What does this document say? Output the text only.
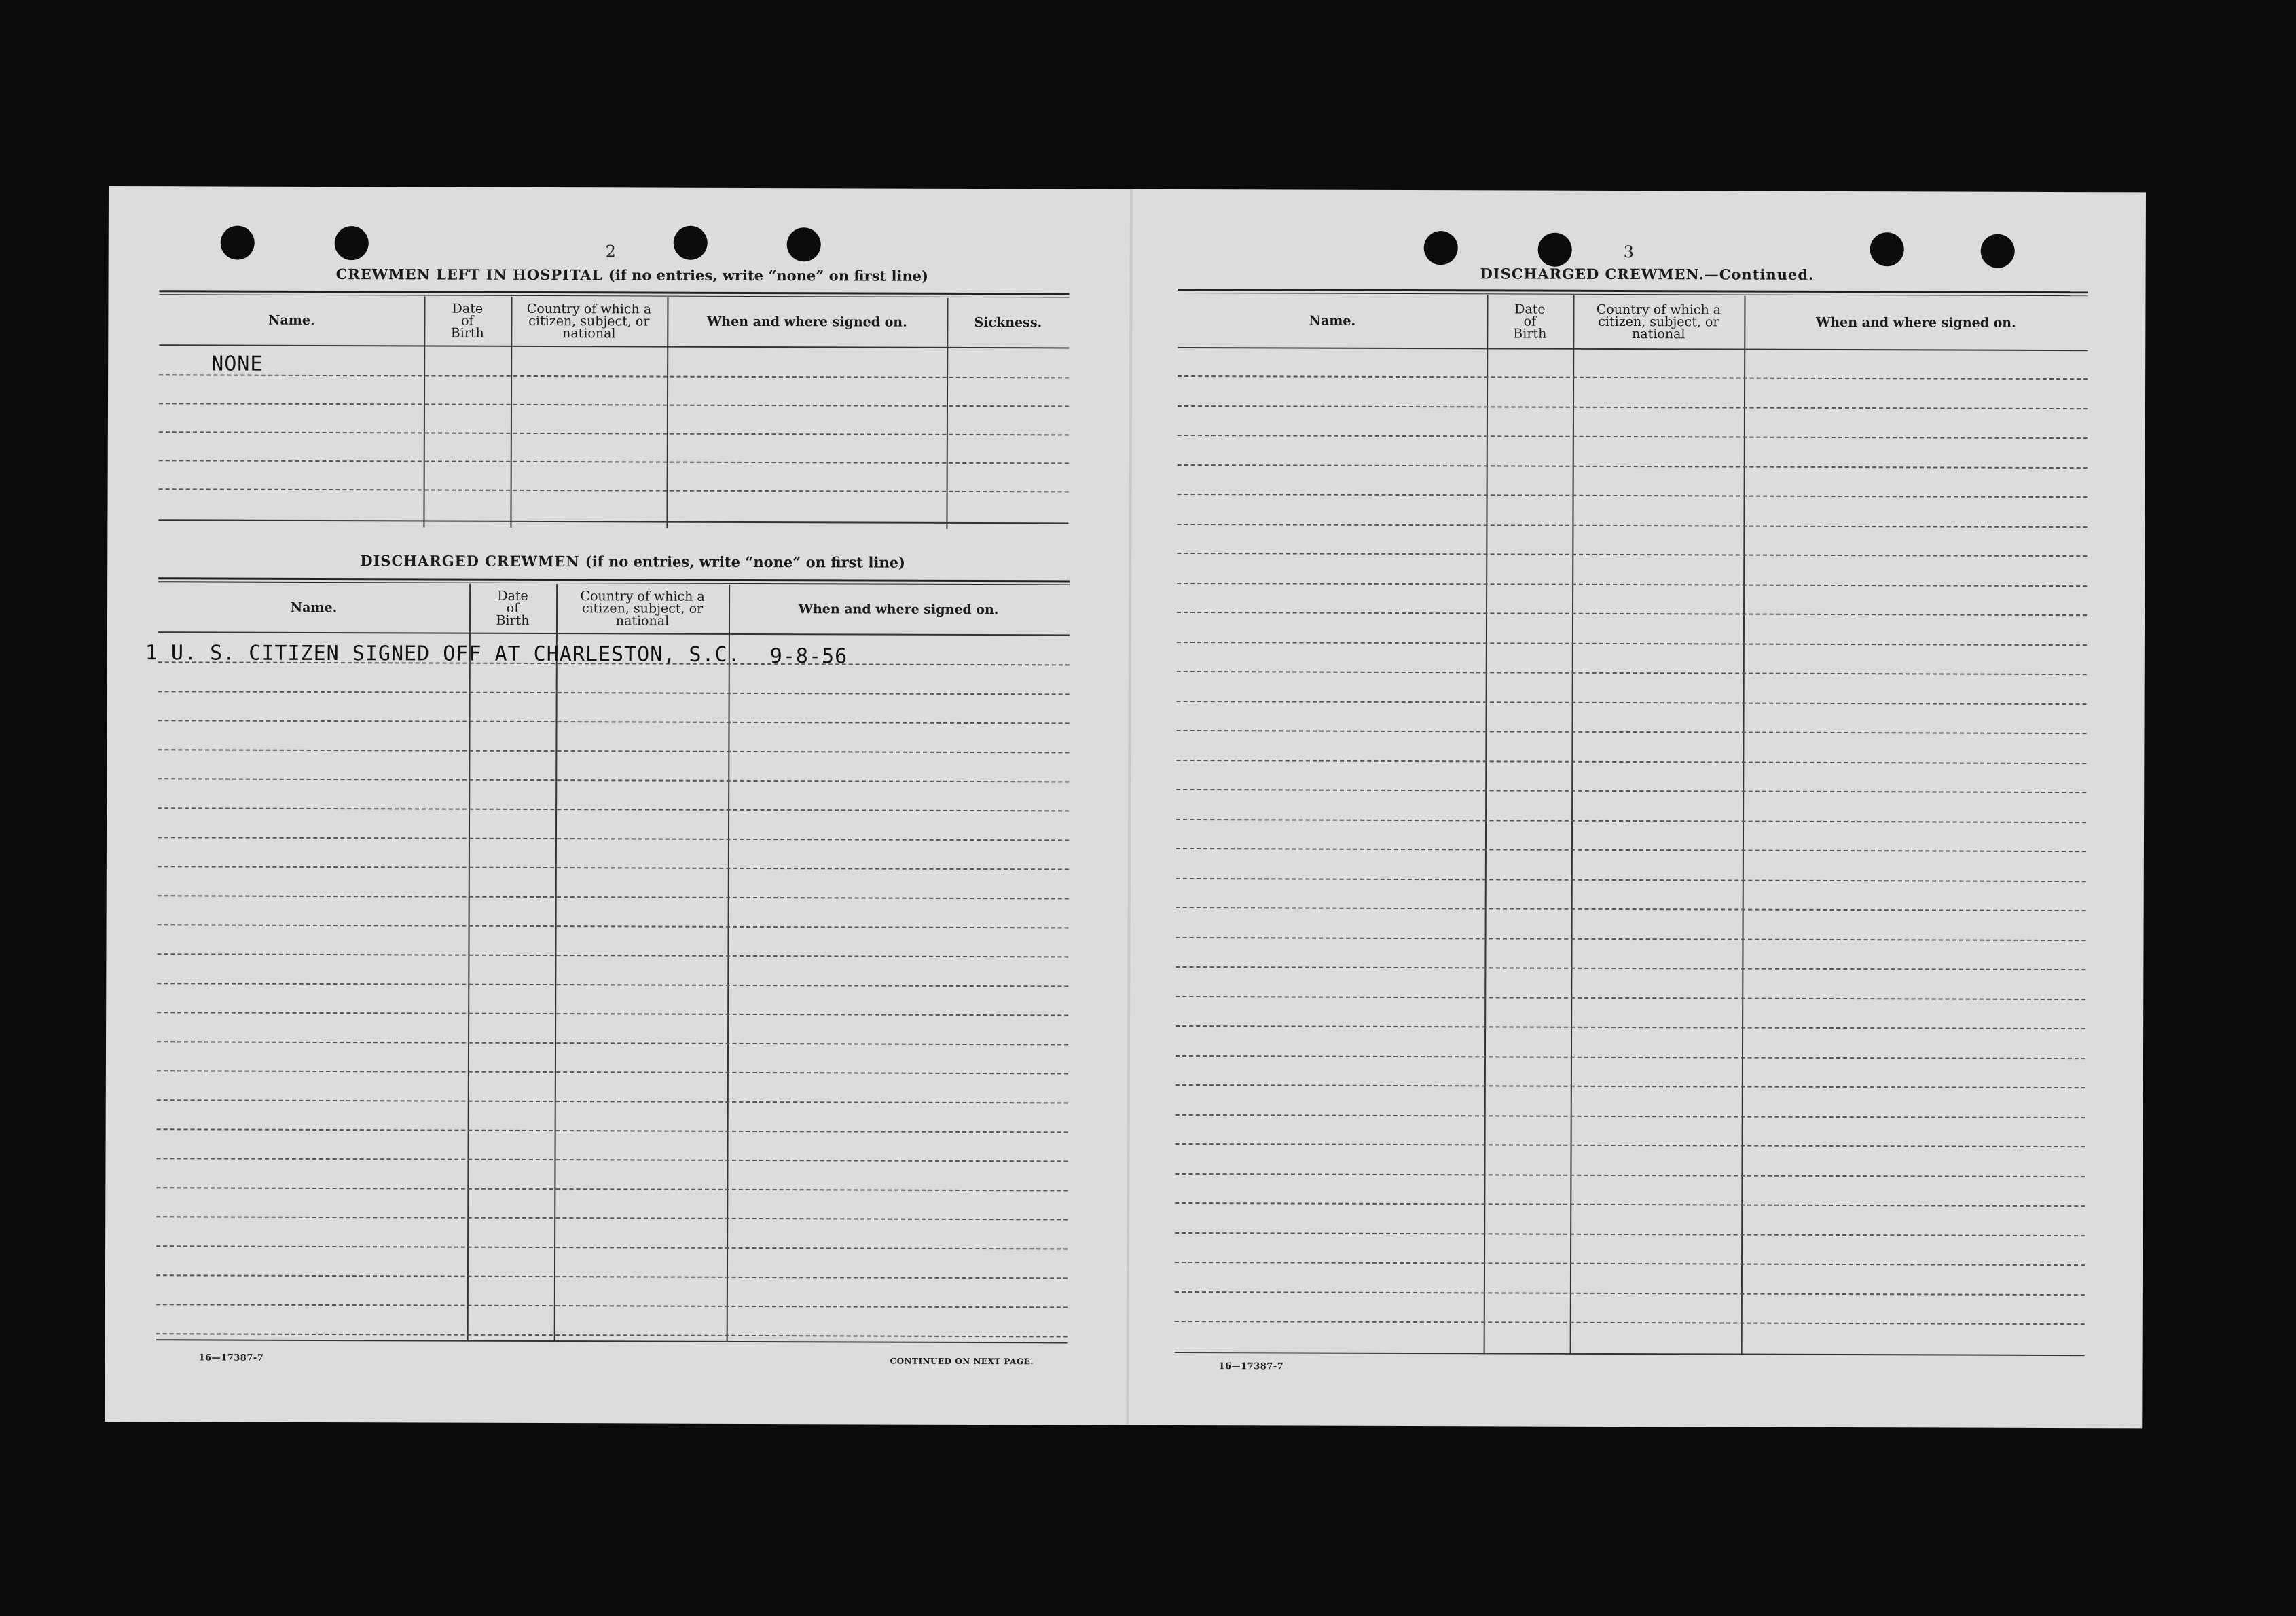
2
CREWMEN LEFT IN HOSPITAL (if no entries, write “none” on first line)
Name.
Date
of
Birth
Country of which a
citizen, subject, or
national
When and where signed on.	Sickness.
NONE
DISCHARGED CREWMEN (if no entries, write “none” on first line)
Name.
Date
of
Birth
Country of which a
citizen, subject, or
national
When and where signed on.
1 U. S. CITIZEN SIGNED OFF AT CHARLESTON, S.C. 9-8-56
16—17387-7	CONTINUED ON NEXT PAGE.
3
DISCHARGED CREWMEN.—Continued.
Name.
Date
of
Birth
Country of which a
citizen, subject, or
national
When and where signed on.
16—17387-7
